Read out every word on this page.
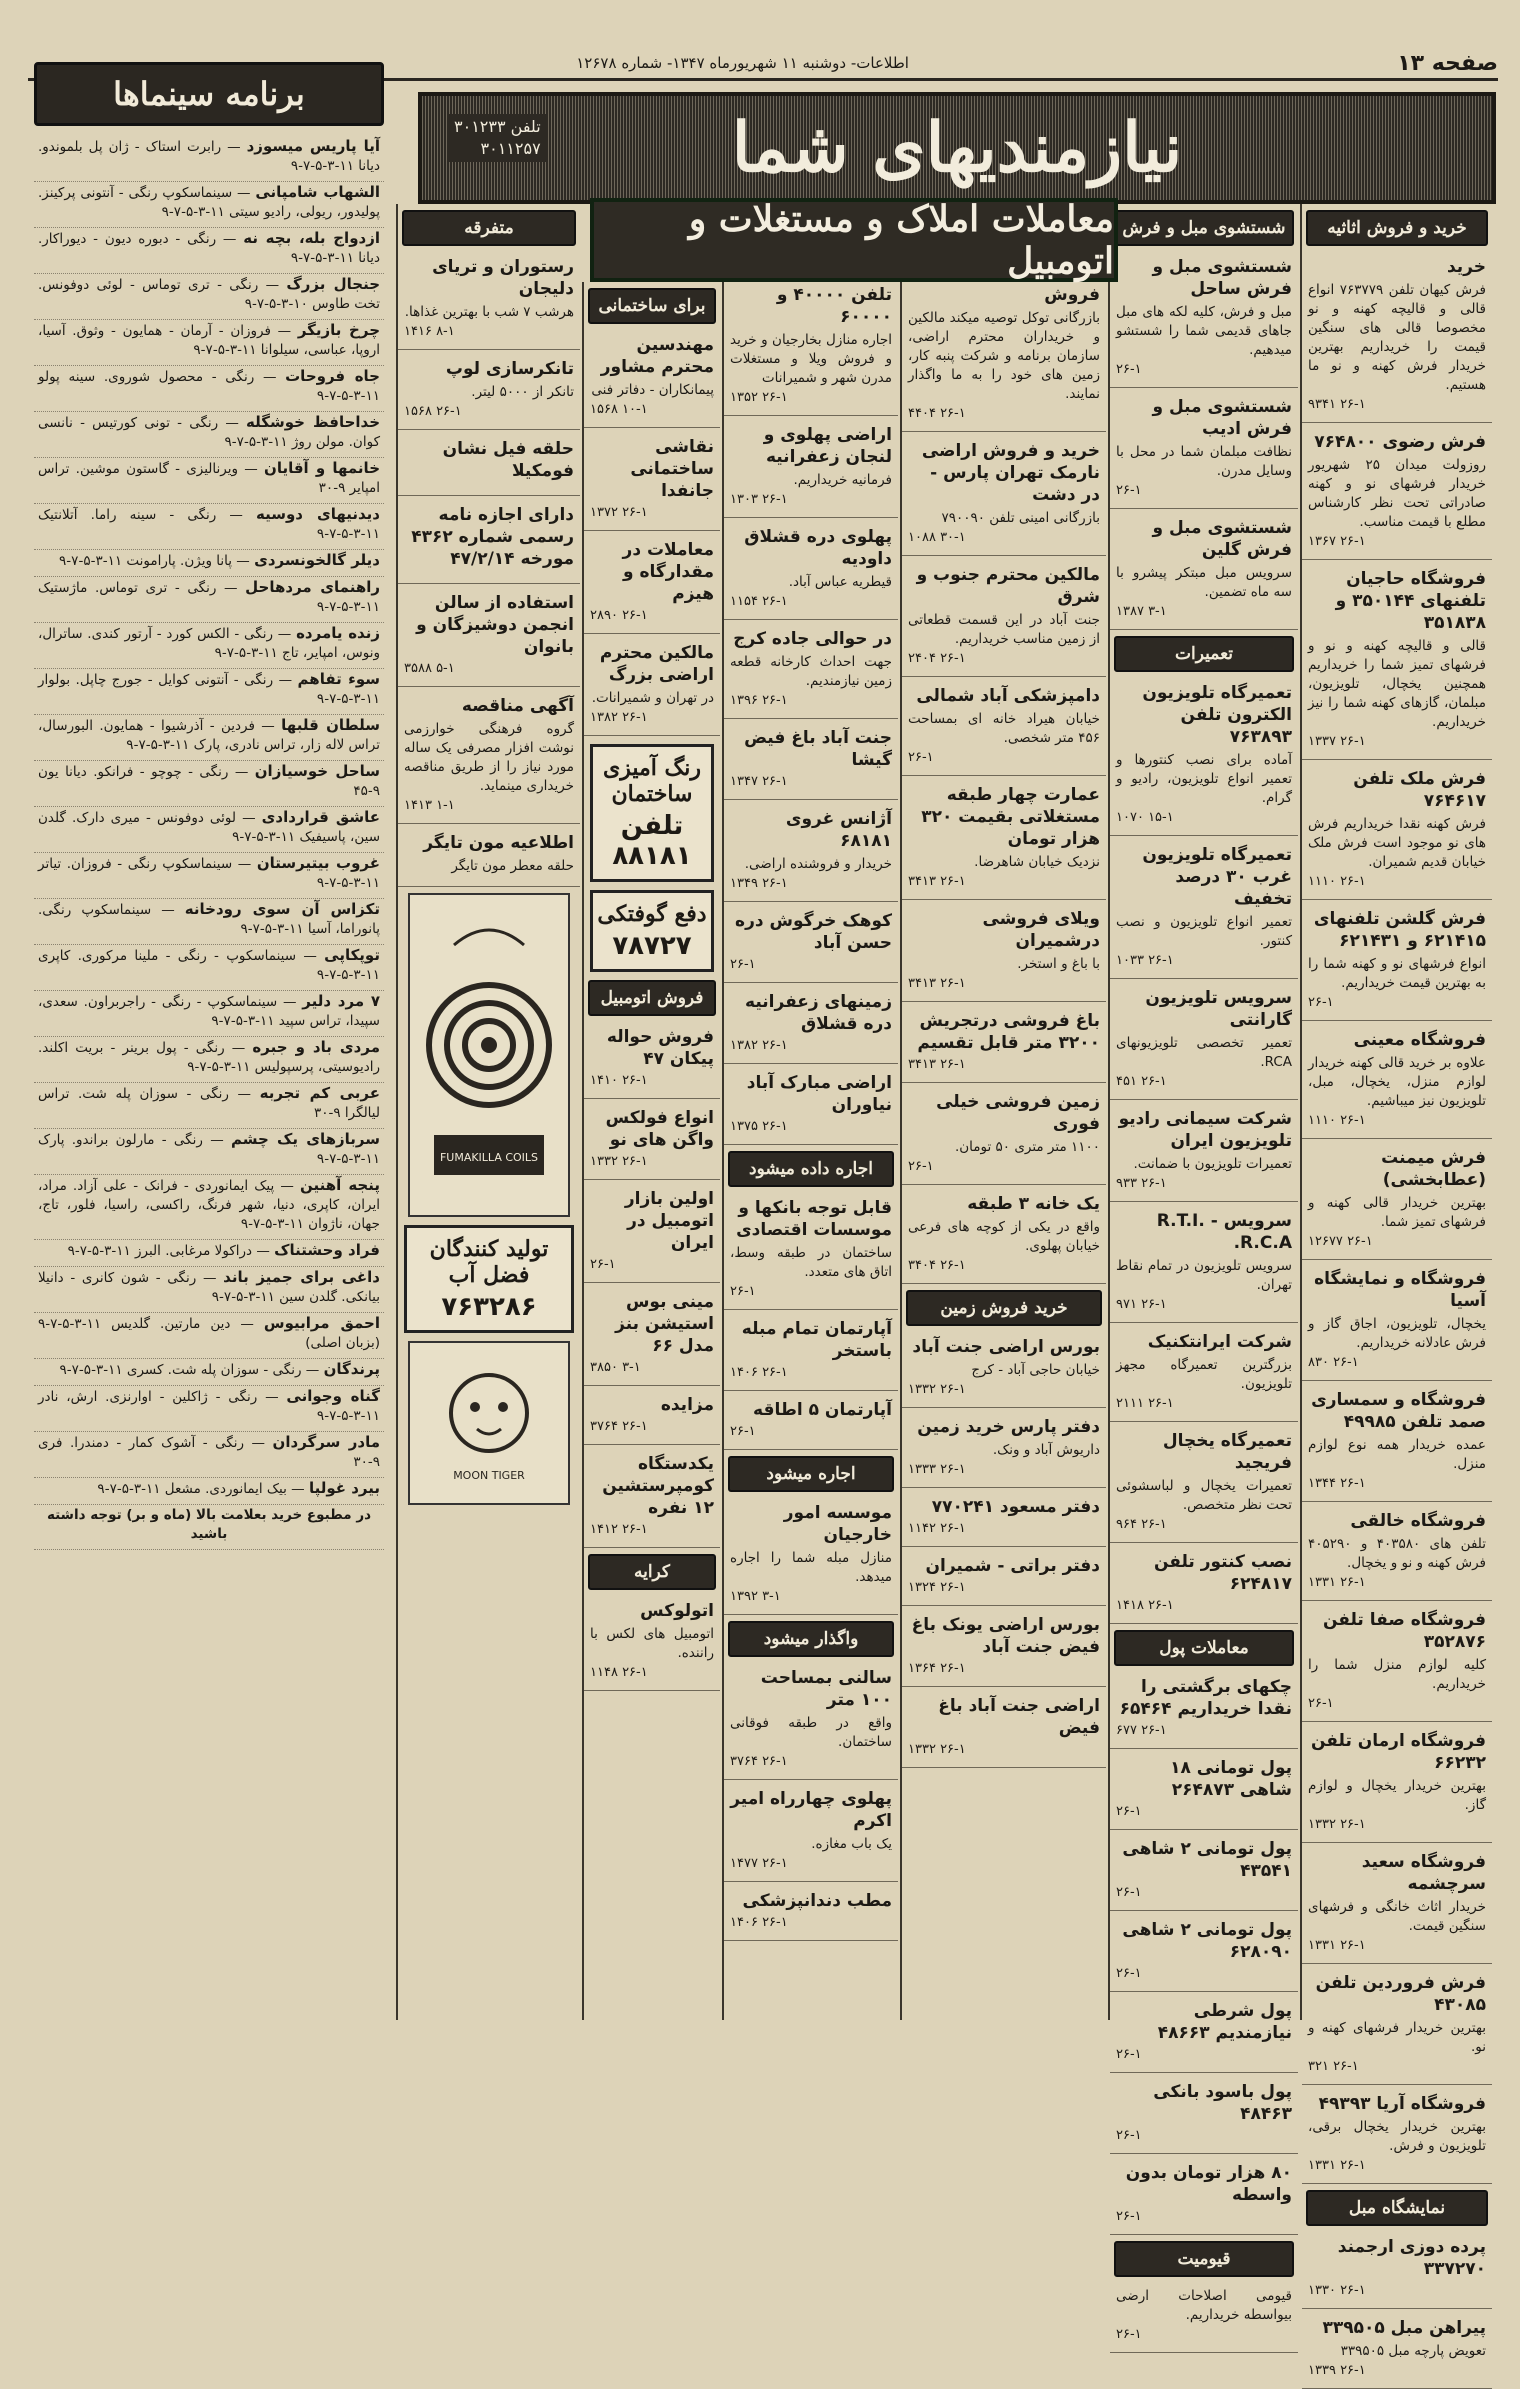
صفحه ۱۳
اطلاعات- دوشنبه ۱۱ شهریورماه ۱۳۴۷- شماره ۱۲۶۷۸
نیازمندیهای شما
تلفن ۳۰۱۲۳۳
۳۰۱۱۲۵۷
خرید و فروش اثاثیه
خرید
فرش کیهان تلفن ۷۶۳۷۷۹ انواع قالی و قالیچه کهنه و نو مخصوصا قالی های سنگین قیمت را خریداریم بهترین خریدار فرش کهنه و نو ما هستیم.
۲۶-۱ ۹۳۴۱
فرش رضوی ۷۶۴۸۰۰
روزولت میدان ۲۵ شهریور خریدار فرشهای نو و کهنه صادراتی تحت نظر کارشناس مطلع با قیمت مناسب.
۲۶-۱ ۱۳۶۷
فروشگاه حاجیان تلفنهای ۳۵۰۱۴۴ و ۳۵۱۸۳۸
قالی و قالیچه کهنه و نو و فرشهای تمیز شما را خریداریم همچنین یخچال، تلویزیون، مبلمان، گازهای کهنه شما را نیز خریداریم.
۲۶-۱ ۱۳۳۷
فرش ملک تلفن ۷۶۴۶۱۷
فرش کهنه نقدا خریداریم فرش های نو موجود است فرش ملک خیابان قدیم شمیران.
۲۶-۱ ۱۱۱۰
فرش گلشن تلفنهای ۶۲۱۴۱۵ و ۶۲۱۴۳۱
انواع فرشهای نو و کهنه شما را به بهترین قیمت خریداریم.
۲۶-۱
فروشگاه معینی
علاوه بر خرید قالی کهنه خریدار لوازم منزل، یخچال، مبل، تلویزیون نیز میباشیم.
۲۶-۱ ۱۱۱۰
فرش میمنت (عطابخشی)
بهترین خریدار قالی کهنه و فرشهای تمیز شما.
۲۶-۱ ۱۲۶۷۷
فروشگاه و نمایشگاه آسیا
یخچال، تلویزیون، اجاق گاز و فرش عادلانه خریداریم.
۲۶-۱ ۸۳۰
فروشگاه و سمساری صمد تلفن ۴۹۹۸۵
عمده خریدار همه نوع لوازم منزل.
۲۶-۱ ۱۳۴۴
فروشگاه خالقی
تلفن های ۴۰۳۵۸۰ و ۴۰۵۲۹۰ فرش کهنه و نو و یخچال.
۲۶-۱ ۱۳۳۱
فروشگاه صفا تلفن ۳۵۲۸۷۶
کلیه لوازم منزل شما را خریداریم.
۲۶-۱
فروشگاه ارمان تلفن ۶۶۲۳۲
بهترین خریدار یخچال و لوازم گاز.
۲۶-۱ ۱۳۳۲
فروشگاه سعید سرچشمه
خریدار اثاث خانگی و فرشهای سنگین قیمت.
۲۶-۱ ۱۳۳۱
فرش فروردین تلفن ۴۳۰۸۵
بهترین خریدار فرشهای کهنه و نو.
۲۶-۱ ۳۲۱
فروشگاه آریا ۴۹۳۹۳
بهترین خریدار یخچال برقی، تلویزیون و فرش.
۲۶-۱ ۱۳۳۱
نمایشگاه مبل
پرده دوزی ارجمند ۳۳۷۲۷۰
۲۶-۱ ۱۳۳۰
پیراهن مبل ۳۳۹۵۰۵
تعویض پارچه مبل ۳۳۹۵۰۵
۲۶-۱ ۱۳۳۹
شستشوی مبل و فرش
شستشوی مبل و فرش ساحل
مبل و فرش، کلیه لکه های مبل جاهای قدیمی شما را شستشو میدهیم.
۲۶-۱
شستشوی مبل و فرش ادیب
نظافت مبلمان شما در محل با وسایل مدرن.
۲۶-۱
شستشوی مبل و فرش گلین
سرویس مبل مبتکر پیشرو با سه ماه تضمین.
۳-۱ ۱۳۸۷
تعمیرات
تعمیرگاه تلویزیون الکترون تلفن ۷۶۳۸۹۳
آماده برای نصب کنتورها و تعمیر انواع تلویزیون، رادیو و گرام.
۱۵-۱ ۱۰۷۰
تعمیرگاه تلویزیون غرب ۳۰ درصد تخفیف
تعمیر انواع تلویزیون و نصب کنتور.
۲۶-۱ ۱۰۳۳
سرویس تلویزیون گارانتی
تعمیر تخصصی تلویزیونهای RCA.
۲۶-۱ ۴۵۱
شرکت سیمانی رادیو تلویزیون ایران
تعمیرات تلویزیون با ضمانت.
۲۶-۱ ۹۳۳
سرویس R.T.I. - R.C.A.
سرویس تلویزیون در تمام نقاط تهران.
۲۶-۱ ۹۷۱
شرکت ایرانتکنیک
بزرگترین تعمیرگاه مجهز تلویزیون.
۲۶-۱ ۲۱۱۱
تعمیرگاه یخچال فریجید
تعمیرات یخچال و لباسشوئی تحت نظر متخصص.
۲۶-۱ ۹۶۴
نصب کنتور تلفن ۶۲۴۸۱۷
۲۶-۱ ۱۴۱۸
معاملات پول
چکهای برگشتی را نقدا خریداریم ۶۵۴۶۴
۲۶-۱ ۶۷۷
پول تومانی ۱۸ شاهی ۲۶۴۸۷۳
۲۶-۱
پول تومانی ۲ شاهی ۴۳۵۴۱
۲۶-۱
پول تومانی ۲ شاهی ۶۲۸۰۹۰
۲۶-۱
پول شرطی نیازمندیم ۴۸۶۶۳
۲۶-۱
پول باسود بانکی ۴۸۴۶۳
۲۶-۱
۸۰ هزار تومان بدون واسطه
۲۶-۱
قیومیت
قیومی اصلاحات ارضی بیواسطه خریداریم.
۲۶-۱
معاملات املاک و مستغلات و اتومبیل
فروش
بازرگانی توکل توصیه میکند مالکین و خریداران محترم اراضی، سازمان برنامه و شرکت پنبه کار، زمین های خود را به ما واگذار نمایند.
۲۶-۱ ۴۴۰۴
خرید و فروش اراضی نارمک تهران پارس - در دشت
بازرگانی امینی تلفن ۷۹۰۰۹۰
۳۰-۱ ۱۰۸۸
مالکین محترم جنوب و شرق
جنت آباد در این قسمت قطعاتی از زمین مناسب خریداریم.
۲۶-۱ ۲۴۰۴
دامپزشکی آباد شمالی
خیابان هیراد خانه ای بمساحت ۴۵۶ متر شخصی.
۲۶-۱
عمارت چهار طبقه مستغلاتی بقیمت ۳۲۰ هزار تومان
نزدیک خیابان شاهرضا.
۲۶-۱ ۳۴۱۳
ویلای فروشی درشمیران
با باغ و استخر.
۲۶-۱ ۳۴۱۳
باغ فروشی درتجریش ۳۲۰۰ متر قابل تقسیم
۲۶-۱ ۳۴۱۳
زمین فروشی خیلی فوری
۱۱۰۰ متر متری ۵۰ تومان.
۲۶-۱
یک خانه ۳ طبقه
واقع در یکی از کوچه های فرعی خیابان پهلوی.
۲۶-۱ ۳۴۰۴
خرید فروش زمین
بورس اراضی جنت آباد
خیابان حاجی آباد - کرج
۲۶-۱ ۱۳۳۲
دفتر پارس خرید زمین
داریوش آباد و ونک.
۲۶-۱ ۱۳۳۳
دفتر مسعود ۷۷۰۲۴۱
۲۶-۱ ۱۱۴۲
دفتر براتی - شمیران
۲۶-۱ ۱۳۲۴
بورس اراضی یونک باغ فیض جنت آباد
۲۶-۱ ۱۳۶۴
اراضی جنت آباد باغ فیض
۲۶-۱ ۱۳۳۲
تلفن ۴۰۰۰۰ و ۶۰۰۰۰
اجاره منازل بخارجیان و خرید و فروش ویلا و مستغلات مدرن شهر و شمیرانات
۲۶-۱ ۱۳۵۲
اراضی پهلوی و لنجان زعفرانیه
فرمانیه خریداریم.
۲۶-۱ ۱۳۰۳
پهلوی دره قشلاق داودیه
قیطریه عباس آباد.
۲۶-۱ ۱۱۵۴
در حوالی جاده کرج
جهت احداث کارخانه قطعه زمین نیازمندیم.
۲۶-۱ ۱۳۹۶
جنت آباد باغ فیض گیشا
۲۶-۱ ۱۳۴۷
آژانس غروی ۶۸۱۸۱
خریدار و فروشنده اراضی.
۲۶-۱ ۱۳۴۹
کوهک خرگوش دره حسن آباد
۲۶-۱
زمینهای زعفرانیه دره قشلاق
۲۶-۱ ۱۳۸۲
اراضی مبارک آباد نیاوران
۲۶-۱ ۱۳۷۵
اجاره داده میشود
قابل توجه بانکها و موسسات اقتصادی
ساختمان در طبقه وسط، اتاق های متعدد.
۲۶-۱
آپارتمان تمام مبله باستخر
۲۶-۱ ۱۴۰۶
آپارتمان ۵ اطاقه
۲۶-۱
اجاره میشود
موسسه امور خارجیان
منازل مبله شما را اجاره میدهد.
۳-۱ ۱۳۹۲
واگذار میشود
سالنی بمساحت ۱۰۰ متر
واقع در طبقه فوقانی ساختمان.
۲۶-۱ ۳۷۶۴
پهلوی چهارراه امیر اکرم
یک باب مغازه.
۲۶-۱ ۱۴۷۷
مطب دندانپزشکی
۲۶-۱ ۱۴۰۶
برای ساختمانی
مهندسین محترم مشاور
پیمانکاران - دفاتر فنی
۱۰-۱ ۱۵۶۸
نقاشی ساختمانی جانفدا
۲۶-۱ ۱۳۷۲
معاملات در مقدارگاه و هیزم
۲۶-۱ ۲۸۹۰
مالکین محترم اراضی بزرگ
در تهران و شمیرانات.
۲۶-۱ ۱۳۸۲
رنگ آمیزی ساختمان
تلفن ۸۸۱۸۱
دفع گوفتکی
۷۸۷۲۷
فروش اتومبیل
فروش حواله پیکان ۴۷
۲۶-۱ ۱۴۱۰
انواع فولکس واگن های نو
۲۶-۱ ۱۳۳۲
اولین بازار اتومبیل در ایران
۲۶-۱
مینی بوس استیشن بنز مدل ۶۶
۳-۱ ۳۸۵۰
مزایده
۲۶-۱ ۳۷۶۴
یکدستگاه کومپرستشین ۱۲ نفره
۲۶-۱ ۱۴۱۲
کرایه
اتولوکس
اتومبیل های لکس با راننده.
۲۶-۱ ۱۱۴۸
متفرقه
رستوران و تریای دلیجان
هرشب ۷ شب با بهترین غذاها.
۸-۱ ۱۴۱۶
تانکرسازی لوپ
تانکر از ۵۰۰۰ لیتر.
۲۶-۱ ۱۵۶۸
حلقه فیل نشان فومکیلا
دارای اجازه نامه رسمی شماره ۴۳۶۲ مورخه ۴۷/۲/۱۴
استفاده از سالن انجمن دوشیزگان و بانوان
۵-۱ ۳۵۸۸
آگهی مناقصه
گروه فرهنگی خوارزمی نوشت افزار مصرفی یک ساله مورد نیاز را از طریق مناقصه خریداری مینماید.
۱-۱ ۱۴۱۳
اطلاعیه مون تایگر
حلقه معطر مون تایگر
FUMAKILLA COILS
تولید کنندگان فضل آب
۷۶۳۲۸۶
MOON TIGER
برنامه سینماها
آیا پاریس میسوزد — رابرت استاک - ژان پل بلموندو. دیانا ۱۱-۳-۵-۷-۹
الشهاب شامپانی — سینماسکوپ رنگی - آنتونی پرکینز. پولیدور، ریولی، رادیو سیتی ۱۱-۳-۵-۷-۹
ازدواج بله، بچه نه — رنگی - دبوره دیون - دیوراکار. دیانا ۱۱-۳-۵-۷-۹
جنجال بزرگ — رنگی - تری توماس - لوئی دوفونس. تخت طاوس ۱۰-۳-۵-۷-۹
چرخ بازیگر — فروزان - آرمان - همایون - وثوق. آسیا، اروپا، عباسی، سیلوانا ۱۱-۳-۵-۷-۹
جاه فروحات — رنگی - محصول شوروی. سینه پولو ۱۱-۳-۵-۷-۹
خداحافظ خوشگله — رنگی - تونی کورتیس - نانسی کوان. مولن روژ ۱۱-۳-۵-۷-۹
خانمها و آقایان — ویرنالیزی - گاستون موشین. تراس امپایر ۹-۳۰
دیدنیهای دوسیه — رنگی - سینه راما. آتلانتیک ۱۱-۳-۵-۷-۹
دیلر گالخونسردی — پانا ویژن. پارامونت ۱۱-۳-۵-۷-۹
راهنمای مردهاحل — رنگی - تری توماس. ماژستیک ۱۱-۳-۵-۷-۹
زنده یامرده — رنگی - الکس کورد - آرتور کندی. ساترال، ونوس، امپایر، تاج ۱۱-۳-۵-۷-۹
سوء تفاهم — رنگی - آنتونی کوایل - جورج چاپل. بولوار ۱۱-۳-۵-۷-۹
سلطان قلبها — فردین - آذرشیوا - همایون. البورسال، تراس لاله زار، تراس نادری، پارک ۱۱-۳-۵-۷-۹
ساحل خوسیازان — رنگی - چوچو - فرانکو. دیانا یون ۹-۴۵
عاشق قراردادی — لوئی دوفونس - میری دارک. گلدن سین، پاسیفیک ۱۱-۳-۵-۷-۹
غروب بیتیرستان — سینماسکوپ رنگی - فروزان. تیاتر ۱۱-۳-۵-۷-۹
تکزاس آن سوی رودخانه — سینماسکوپ رنگی. پانوراما، آسیا ۱۱-۳-۵-۷-۹
توپکاپی — سینماسکوپ - رنگی - ملینا مرکوری. کاپری ۱۱-۳-۵-۷-۹
۷ مرد دلیر — سینماسکوپ - رنگی - راجربراون. سعدی، سپیدا، تراس سپید ۱۱-۳-۵-۷-۹
مردی باد و جبره — رنگی - پول برینر - بریت اکلند. رادیوسیتی، پرسپولیس ۱۱-۳-۵-۷-۹
عربی کم تجربه — رنگی - سوزان پله شت. تراس لیالگرا ۹-۳۰
سربازهای یک چشم — رنگی - مارلون براندو. پارک ۱۱-۳-۵-۷-۹
پنجه آهنین — پیک ایمانوردی - فرانک - علی آزاد. مراد، ایران، کاپری، دنیا، شهر فرنگ، راکسی، راسیا، فلور، تاج، جهان، ناژوان ۱۱-۳-۵-۷-۹
فراد وحشتناک — دراکولا مرغابی. البرز ۱۱-۳-۵-۷-۹
داغی برای جمیز باند — رنگی - شون کانری - دانیلا بیانکی. گلدن سین ۱۱-۳-۵-۷-۹
احمق مرابیوس — دین مارتین. گلدیس ۱۱-۳-۵-۷-۹ (بزبان اصلی)
پرندگان — رنگی - سوزان پله شت. کسری ۱۱-۳-۵-۷-۹
گناه وجوانی — رنگی - ژاکلین - اوارنزی. ارش، نادر ۱۱-۳-۵-۷-۹
مادر سرگردان — رنگی - آشوک کمار - دمندرا. فری ۹-۳۰
بیرد غولپا — بیک ایمانوردی. مشعل ۱۱-۳-۵-۷-۹
در مطبوع خرید بعلامت بالا (ماه و بر) توجه داشته باشید
